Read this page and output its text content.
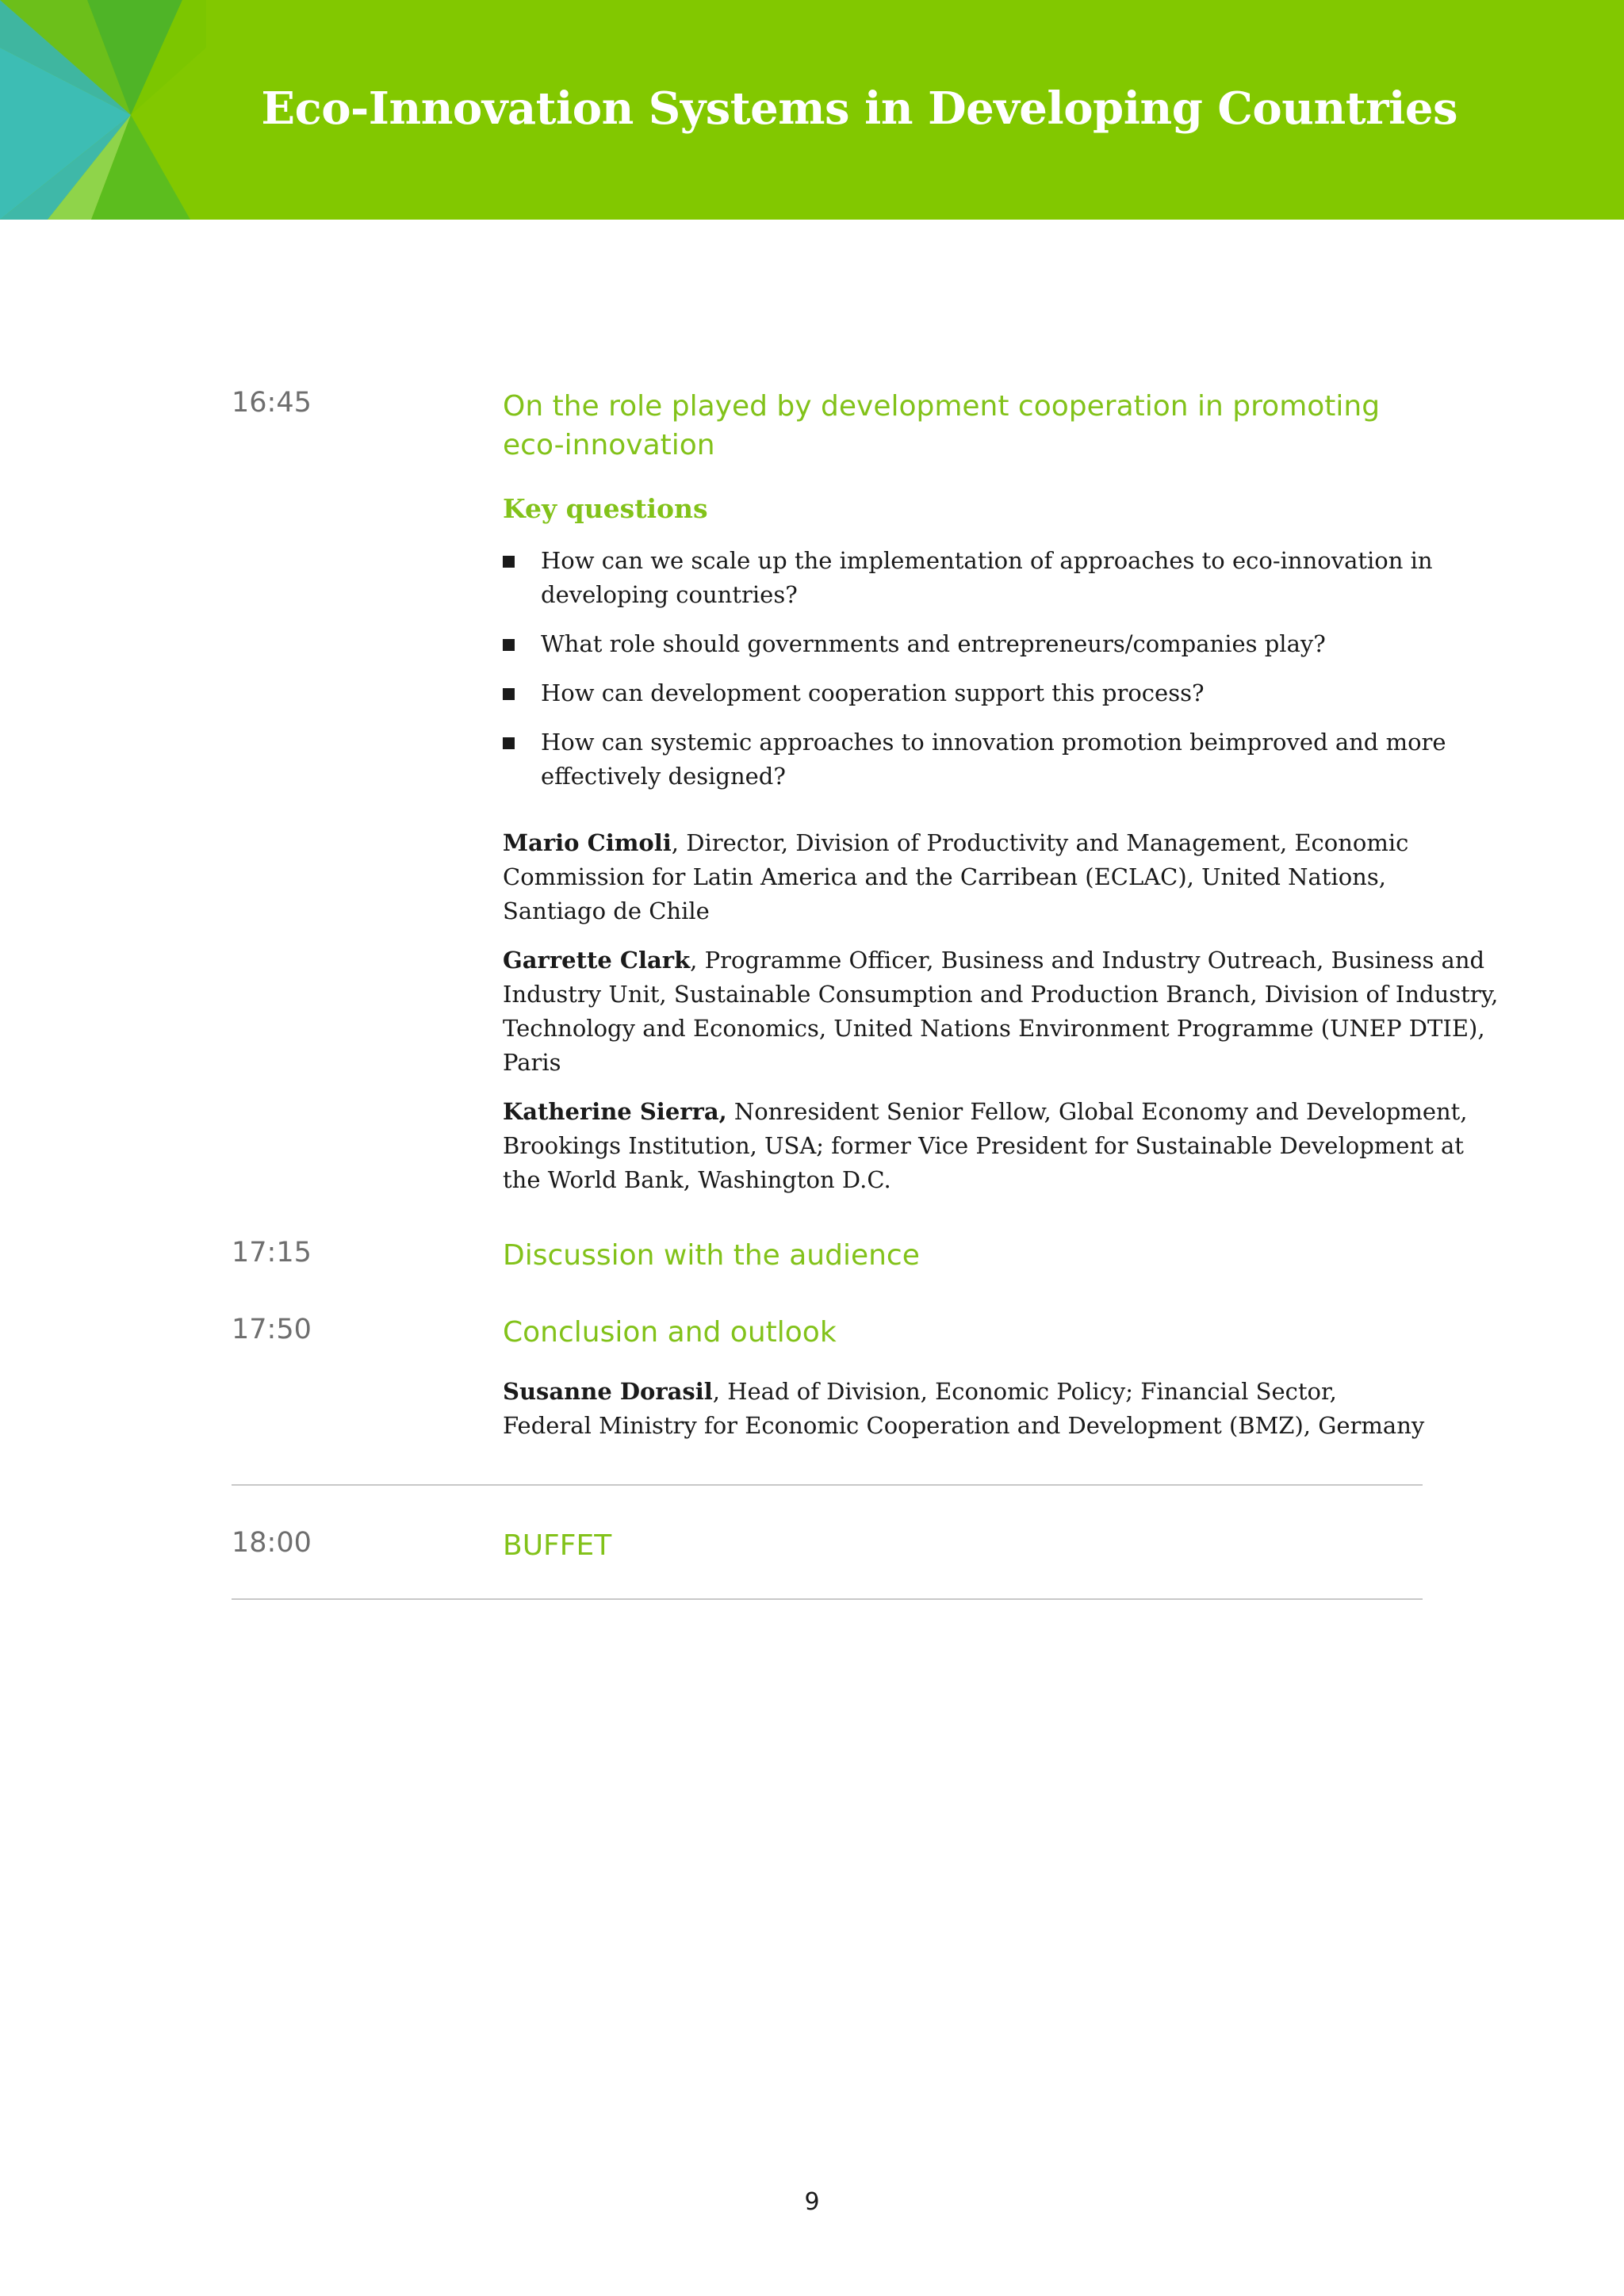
Eco-Innovation Systems in Developing Countries
16:45	On the role played by development cooperation in promoting
eco-innovation
Key questions
How can we scale up the implementation of approaches to eco-innovation in
developing countries?
What role should governments and entrepreneurs/companies play?
How can development cooperation support this process?
How can systemic approaches to innovation promotion beimproved and more
effectively designed?
Mario Cimoli, Director, Division of Productivity and Management, Economic
Commission for Latin America and the Carribean (ECLAC), United Nations,
Santiago de Chile
Garrette Clark, Programme Officer, Business and Industry Outreach, Business and
Industry Unit, Sustainable Consumption and Production Branch, Division of Industry,
Technology and Economics, United Nations Environment Programme (UNEP DTIE),
Paris
Katherine Sierra, Nonresident Senior Fellow, Global Economy and Development,
Brookings Institution, USA; former Vice President for Sustainable Development at
the World Bank, Washington D.C.
17:15	Discussion with the audience
17:50	Conclusion and outlook
Susanne Dorasil, Head of Division, Economic Policy; Financial Sector,
Federal Ministry for Economic Cooperation and Development (BMZ), Germany
18:00	BUFFET
9
